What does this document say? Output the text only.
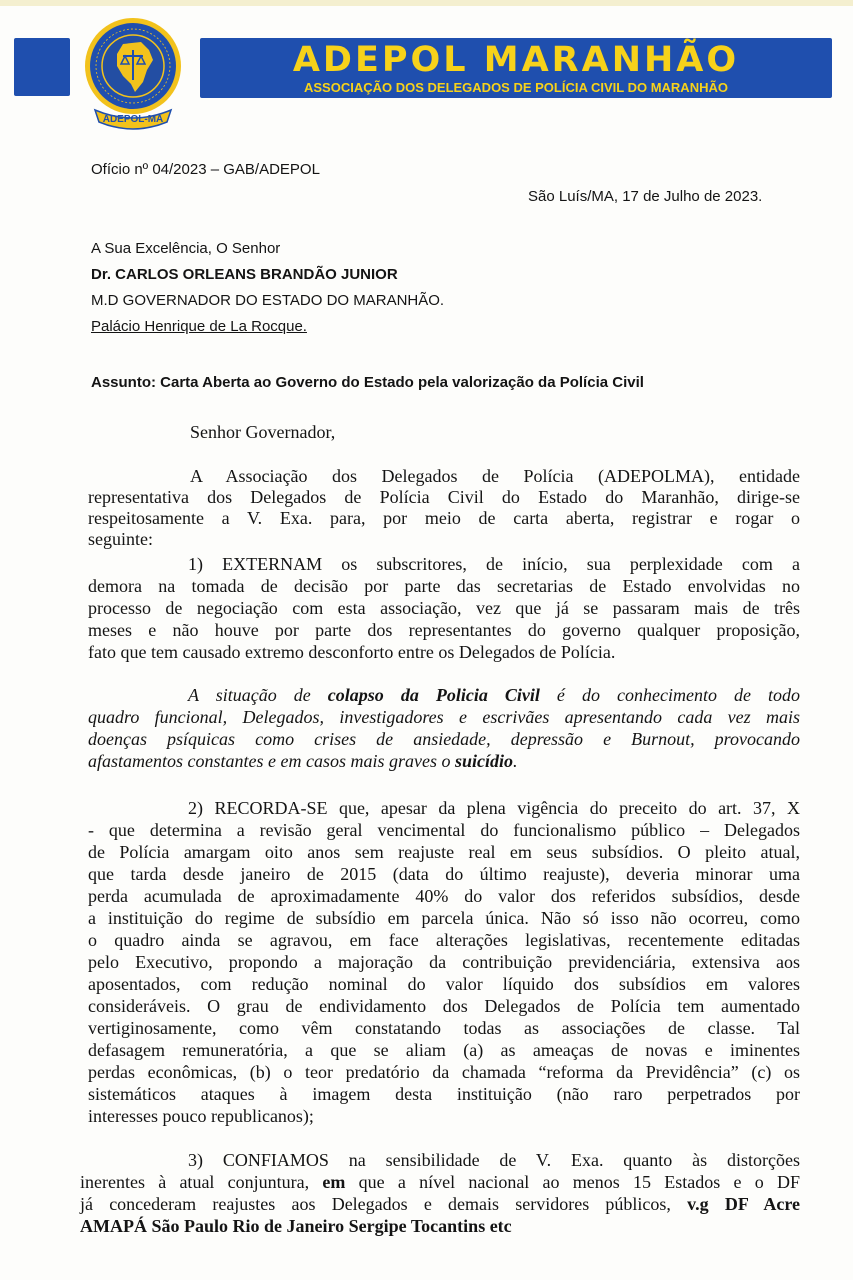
ADEPOL MARANHÃO
ASSOCIAÇÃO DOS DELEGADOS DE POLÍCIA CIVIL DO MARANHÃO
ADEPOL-MA
Ofício nº 04/2023 – GAB/ADEPOL
São Luís/MA, 17 de Julho de 2023.
A Sua Excelência, O Senhor
Dr. CARLOS ORLEANS BRANDÃO JUNIOR
M.D GOVERNADOR DO ESTADO DO MARANHÃO.
Palácio Henrique de La Rocque.
Assunto: Carta Aberta ao Governo do Estado pela valorização da Polícia Civil
Senhor Governador,
A Associação dos Delegados de Polícia (ADEPOLMA), entidade
representativa dos Delegados de Polícia Civil do Estado do Maranhão, dirige-se
respeitosamente a V. Exa. para, por meio de carta aberta, registrar e rogar o
seguinte:
1) EXTERNAM os subscritores, de início, sua perplexidade com a
demora na tomada de decisão por parte das secretarias de Estado envolvidas no
processo de negociação com esta associação, vez que já se passaram mais de três
meses e não houve por parte dos representantes do governo qualquer proposição,
fato que tem causado extremo desconforto entre os Delegados de Polícia.
A situação de colapso da Policia Civil é do conhecimento de todo
quadro funcional, Delegados, investigadores e escrivães apresentando cada vez mais
doenças psíquicas como crises de ansiedade, depressão e Burnout, provocando
afastamentos constantes e em casos mais graves o suicídio.
2) RECORDA-SE que, apesar da plena vigência do preceito do art. 37, X
- que determina a revisão geral vencimental do funcionalismo público – Delegados
de Polícia amargam oito anos sem reajuste real em seus subsídios. O pleito atual,
que tarda desde janeiro de 2015 (data do último reajuste), deveria minorar uma
perda acumulada de aproximadamente 40% do valor dos referidos subsídios, desde
a instituição do regime de subsídio em parcela única. Não só isso não ocorreu, como
o quadro ainda se agravou, em face alterações legislativas, recentemente editadas
pelo Executivo, propondo a majoração da contribuição previdenciária, extensiva aos
aposentados, com redução nominal do valor líquido dos subsídios em valores
consideráveis. O grau de endividamento dos Delegados de Polícia tem aumentado
vertiginosamente, como vêm constatando todas as associações de classe. Tal
defasagem remuneratória, a que se aliam (a) as ameaças de novas e iminentes
perdas econômicas, (b) o teor predatório da chamada “reforma da Previdência” (c) os
sistemáticos ataques à imagem desta instituição (não raro perpetrados por
interesses pouco republicanos);
3) CONFIAMOS na sensibilidade de V. Exa. quanto às distorções
inerentes à atual conjuntura, em que a nível nacional ao menos 15 Estados e o DF
já concederam reajustes aos Delegados e demais servidores públicos, v.g DF Acre
AMAPÁ São Paulo Rio de Janeiro Sergipe Tocantins etc
